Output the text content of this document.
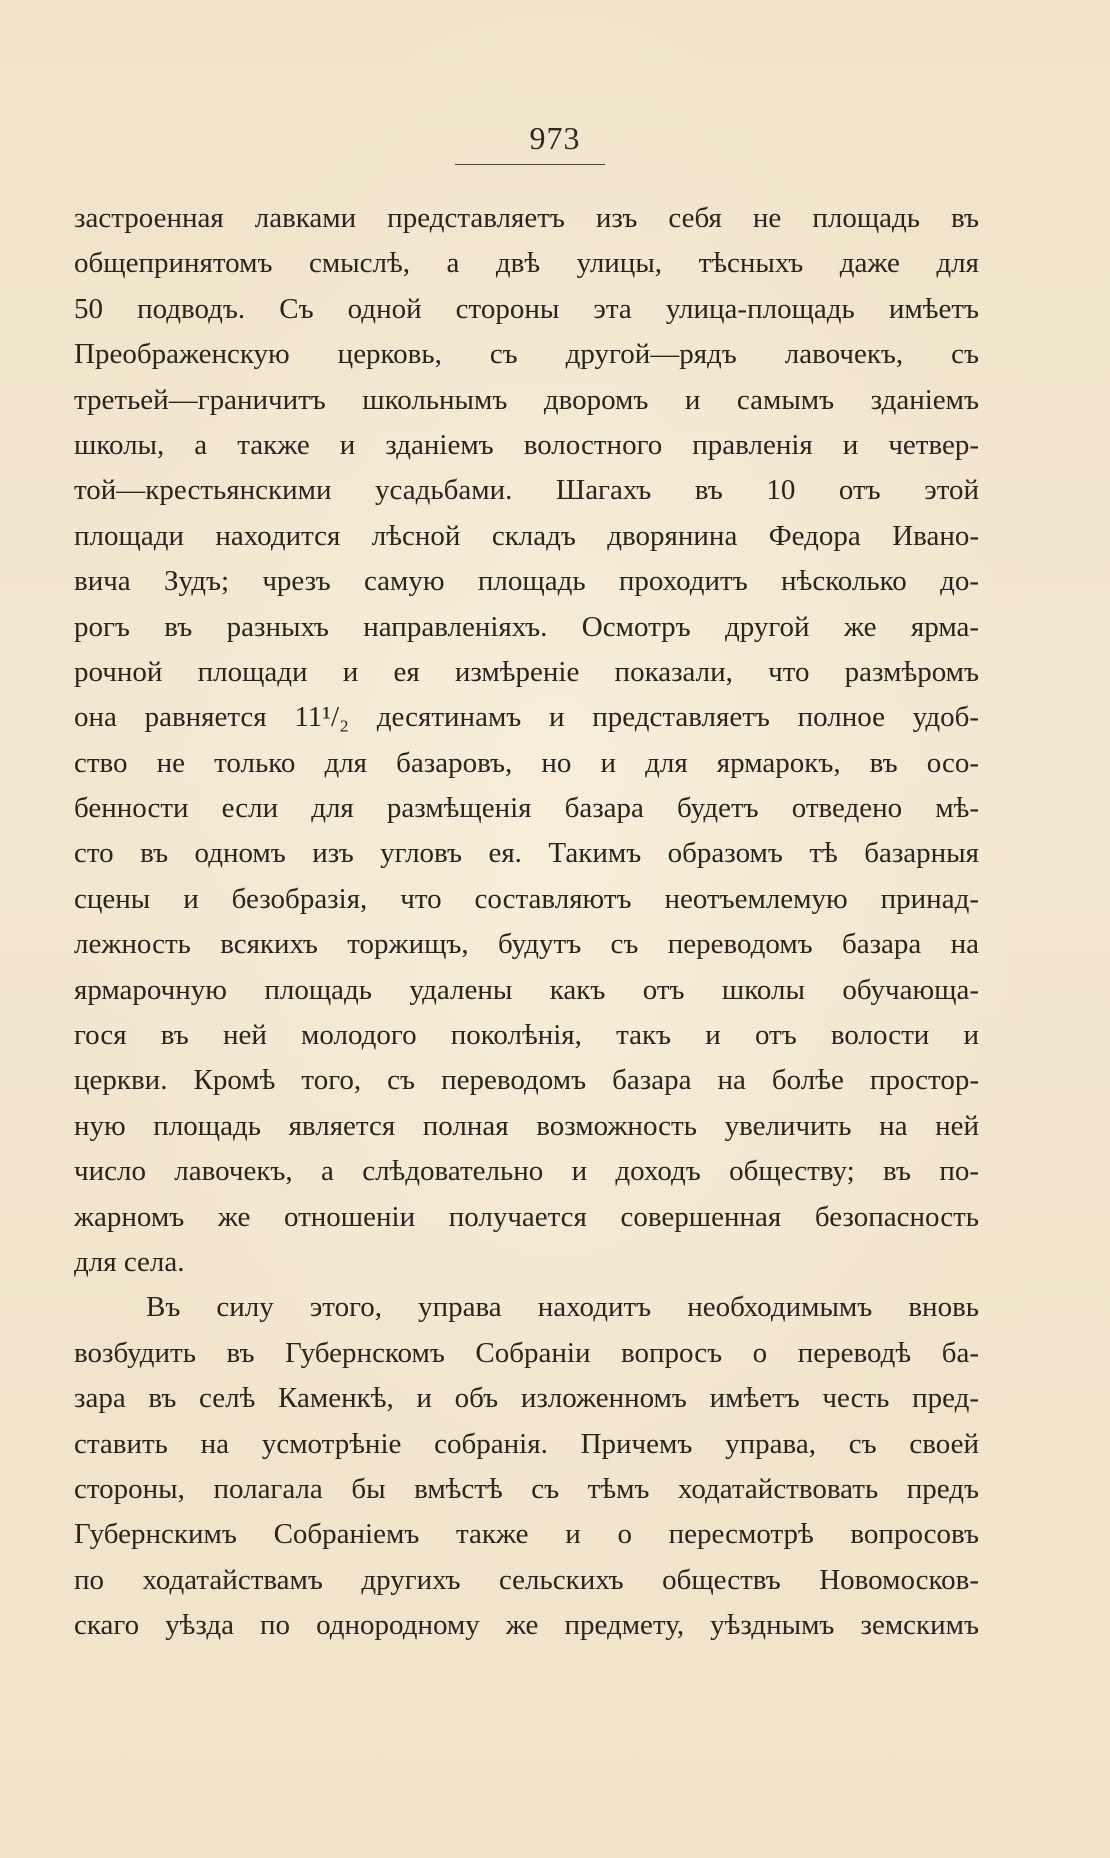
973
застроенная лавками представляетъ изъ себя не площадь въ
общепринятомъ смыслѣ, а двѣ улицы, тѣсныхъ даже для
50 подводъ. Съ одной стороны эта улица-площадь имѣетъ
Преображенскую церковь, съ другой—рядъ лавочекъ, съ
третьей—граничитъ школьнымъ дворомъ и самымъ зданіемъ
школы, а также и зданіемъ волостного правленія и четвер-
той—крестьянскими усадьбами. Шагахъ въ 10 отъ этой
площади находится лѣсной складъ дворянина Федора Ивано-
вича Зудъ; чрезъ самую площадь проходитъ нѣсколько до-
рогъ въ разныхъ направленіяхъ. Осмотръ другой же ярма-
рочной площади и ея измѣреніе показали, что размѣромъ
она равняется 11¹/₂ десятинамъ и представляетъ полное удоб-
ство не только для базаровъ, но и для ярмарокъ, въ осо-
бенности если для размѣщенія базара будетъ отведено мѣ-
сто въ одномъ изъ угловъ ея. Такимъ образомъ тѣ базарныя
сцены и безобразія, что составляютъ неотъемлемую принад-
лежность всякихъ торжищъ, будутъ съ переводомъ базара на
ярмарочную площадь удалены какъ отъ школы обучающа-
гося въ ней молодого поколѣнія, такъ и отъ волости и
церкви. Кромѣ того, съ переводомъ базара на болѣе простор-
ную площадь является полная возможность увеличить на ней
число лавочекъ, а слѣдовательно и доходъ обществу; въ по-
жарномъ же отношеніи получается совершенная безопасность
для села.
Въ силу этого, управа находитъ необходимымъ вновь
возбудить въ Губернскомъ Собраніи вопросъ о переводѣ ба-
зара въ селѣ Каменкѣ, и объ изложенномъ имѣетъ честь пред-
ставить на усмотрѣніе собранія. Причемъ управа, съ своей
стороны, полагала бы вмѣстѣ съ тѣмъ ходатайствовать предъ
Губернскимъ Собраніемъ также и о пересмотрѣ вопросовъ
по ходатайствамъ другихъ сельскихъ обществъ Новомосков-
скаго уѣзда по однородному же предмету, уѣзднымъ земскимъ
